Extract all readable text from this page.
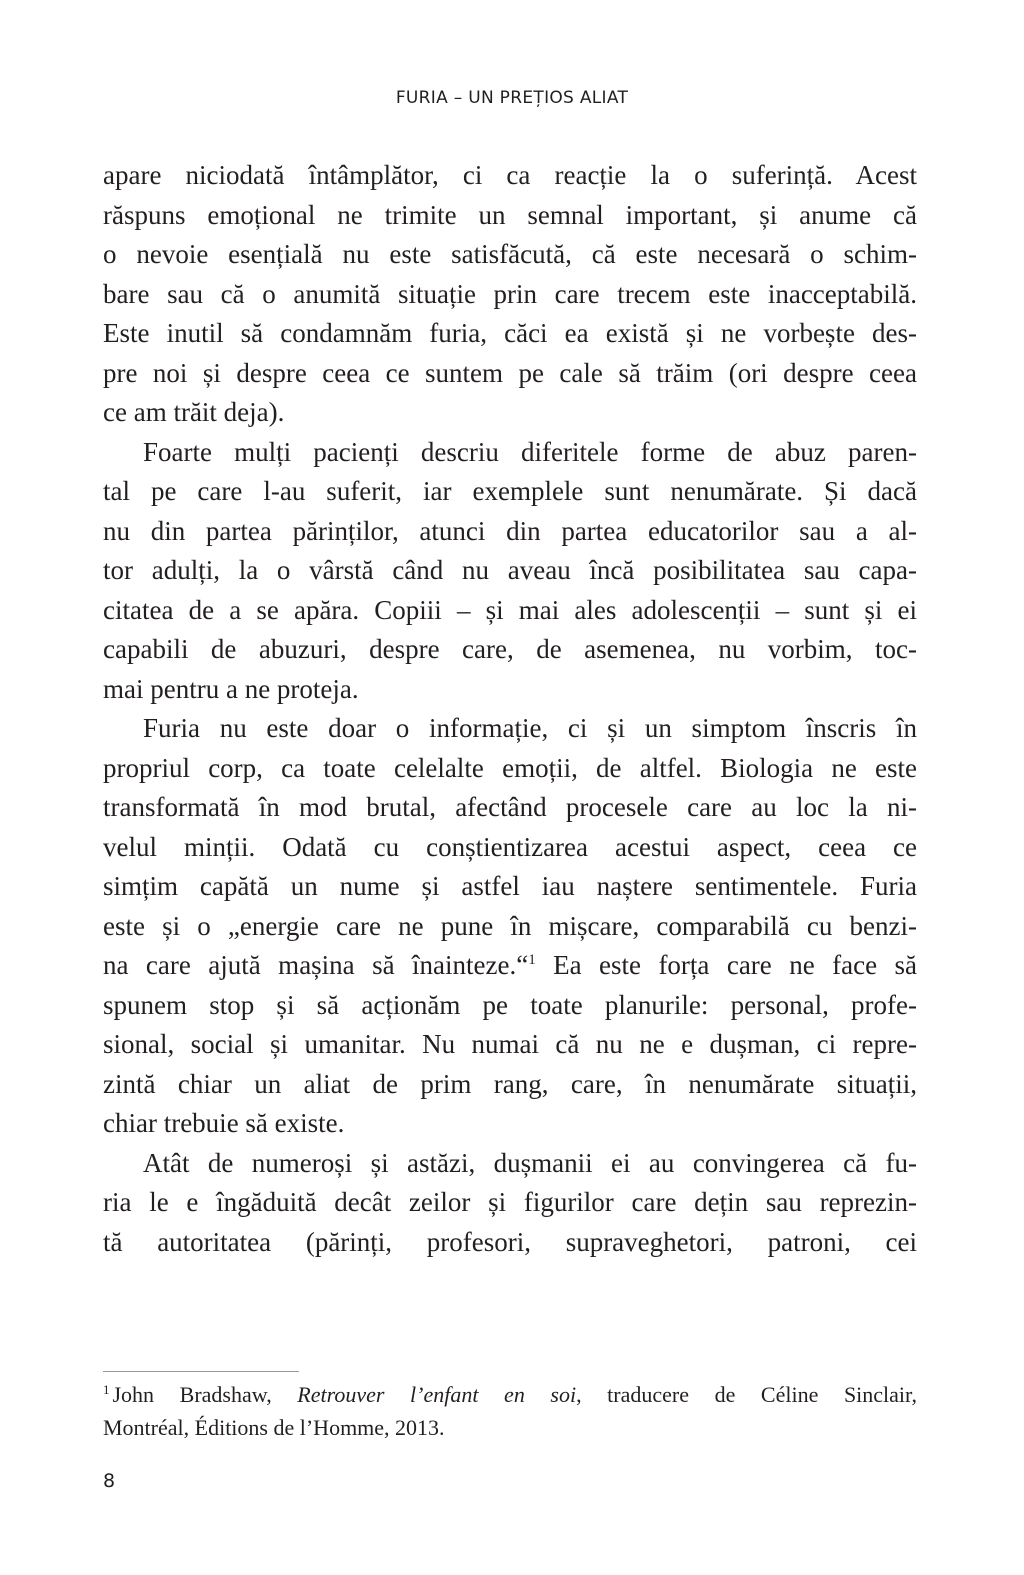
FURIA – UN PREȚIOS ALIAT
apare niciodată întâmplător, ci ca reacție la o suferință. Acest
răspuns emoțional ne trimite un semnal important, și anume că
o nevoie esențială nu este satisfăcută, că este necesară o schim-
bare sau că o anumită situație prin care trecem este inacceptabilă.
Este inutil să condamnăm furia, căci ea există și ne vorbește des-
pre noi și despre ceea ce suntem pe cale să trăim (ori despre ceea
ce am trăit deja).
Foarte mulți pacienți descriu diferitele forme de abuz paren-
tal pe care l-au suferit, iar exemplele sunt nenumărate. Și dacă
nu din partea părinților, atunci din partea educatorilor sau a al-
tor adulți, la o vârstă când nu aveau încă posibilitatea sau capa-
citatea de a se apăra. Copiii – și mai ales adolescenții – sunt și ei
capabili de abuzuri, despre care, de asemenea, nu vorbim, toc-
mai pentru a ne proteja.
Furia nu este doar o informație, ci și un simptom înscris în
propriul corp, ca toate celelalte emoții, de altfel. Biologia ne este
transformată în mod brutal, afectând procesele care au loc la ni-
velul minții. Odată cu conștientizarea acestui aspect, ceea ce
simțim capătă un nume și astfel iau naștere sentimentele. Furia
este și o „energie care ne pune în mișcare, comparabilă cu benzi-
na care ajută mașina să înainteze.“$^1$ Ea este forța care ne face să
spunem stop și să acționăm pe toate planurile: personal, profe-
sional, social și umanitar. Nu numai că nu ne e dușman, ci repre-
zintă chiar un aliat de prim rang, care, în nenumărate situații,
chiar trebuie să existe.
Atât de numeroși și astăzi, dușmanii ei au convingerea că fu-
ria le e îngăduită decât zeilor și figurilor care dețin sau reprezin-
tă autoritatea (părinți, profesori, supraveghetori, patroni, cei
$^1$ John Bradshaw, Retrouver l’enfant en soi, traducere de Céline Sinclair,
Montréal, Éditions de l’Homme, 2013.
8
